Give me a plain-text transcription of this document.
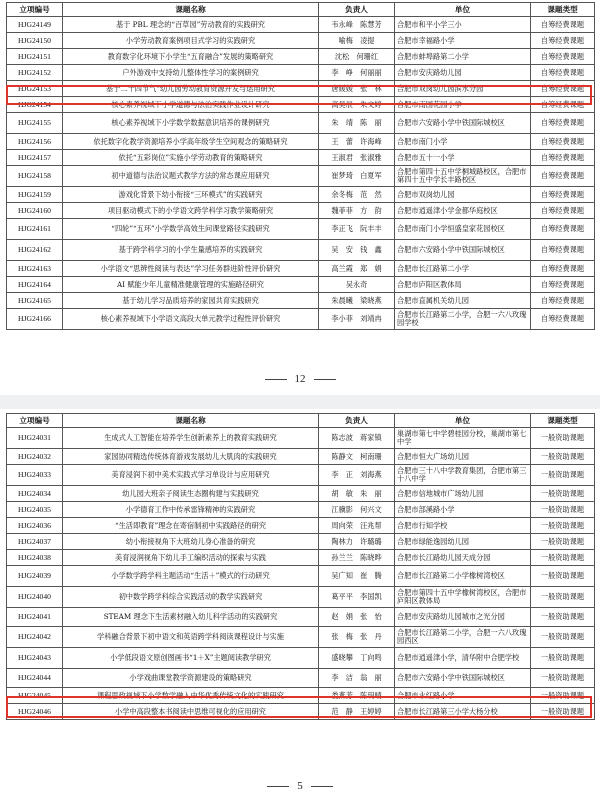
立项编号	课题名称	负责人	单位	课题类型
HJG24149	基于 PBL 理念的“百草园”劳动教育的实践研究	韦永峰　陈慧芳	合肥市和平小学三小	自筹经费课题
HJG24150	小学劳动教育案例项目式学习的实践研究	喻梅　凌提	合肥市幸福路小学	自筹经费课题
HJG24151	教育数字化环境下小学生“五育融合”发展的策略研究	沈松　何珊红	合肥市蚌埠路第二小学	自筹经费课题
HJG24152	户外游戏中支持幼儿整体性学习的案例研究	李　峥　何丽丽	合肥市安庆路幼儿园	自筹经费课题
HJG24153	基于二十四节气“幼儿园劳动教育资源开发与运用研究	唐媛媛　张　林	合肥市双岗幼儿园滨水分园	自筹经费课题
HJG24154	核心素养视域下小学道德与法治实践作业设计研究	高昊辰　朱文婷	合肥市南国花园小学	自筹经费课题
HJG24155	核心素养视域下小学数学数据意识培养的课例研究	朱　靖　陈　丽	合肥市六安路小学中铁国际城校区	自筹经费课题
HJG24156	依托数字化教学资源培养小学高年级学生空间观念的策略研究	王　蕾　许海峰	合肥市南门小学	自筹经费课题
HJG24157	依托“五彩岗位”实施小学劳动教育的策略研究	王淑君　张淑雅	合肥市五十一小学	自筹经费课题
HJG24158	初中道德与法治议题式教学方法的常态课应用研究	崔梦琦　白夏军	合肥市第四十五中学桐城路校区，合肥市第四十五中学长丰路校区	自筹经费课题
HJG24159	游戏化背景下幼小衔接“三环模式”的实践研究	余冬梅　范　然	合肥市双岗幼儿园	自筹经费课题
HJG24160	项目驱动模式下的小学语文跨学科学习教学策略研究	魏菲菲　方　韵	合肥市逍遥津小学金都华庭校区	自筹经费课题
HJG24161	“四轮”“五环”小学数学高效生问课堂路径实践研究	李正飞　阮丰丰	合肥市南门小学恒盛皇家花园校区	自筹经费课题
HJG24162	基于跨学科学习的小学生量感培养的实践研究	吴　安　钱　鑫	合肥市六安路小学中铁国际城校区	自筹经费课题
HJG24163	小学语文“思辨性阅读与表达”学习任务群进阶性评价研究	高兰霞　郑　娟	合肥市长江路第二小学	自筹经费课题
HJG24164	AI 赋能少年儿童精准健康管理的实施路径研究	吴永奇	合肥市庐阳区教体局	自筹经费课题
HJG24165	基于幼儿学习品质培养的家园共育实践研究	朱晨曦　梁晓燕	合肥市直属机关幼儿园	自筹经费课题
HJG24166	核心素养视域下小学语文高段大单元教学过程性评价研究	李小菲　刘靖冉	合肥市长江路第二小学，合肥一六八玫瑰园学校	自筹经费课题
12
立项编号	课题名称	负责人	单位	课题类型
HJG24031	生成式人工智能在培养学生创新素养上的教育实践研究	陈志波　蒋家镇	巢湖市第七中学碧桂园分校，巢湖市第七中学	一般资助课题
HJG24032	家园协同精选传统体育游戏发展幼儿大肌肉的实践研究	陈静文　柯南珊	合肥市恒大广场幼儿园	一般资助课题
HJG24033	美育浸润下初中美术实践式学习单设计与应用研究	李　正　刘海燕	合肥市三十八中学教育集团，合肥市第三十八中学	一般资助课题
HJG24034	幼儿园大班亲子阅读生态圈构建与实践研究	胡　敏　朱　丽	合肥市信地城市广场幼儿园	一般资助课题
HJG24035	小学德育工作中传承雷锋精神的实践研究	江骥影　何兴文	合肥市部溪路小学	一般资助课题
HJG24036	“生活即教育”理念在寄宿制初中实践路径的研究	周向荣　汪兆帮	合肥市行知学校	一般资助课题
HJG24037	幼小衔接视角下大班幼儿身心准备的研究	陶林力　许璐璐	合肥市绿能逸园幼儿园	一般资助课题
HJG24038	美育浸润视角下幼儿手工编织活动的探索与实践	孙兰兰　陈晓晔	合肥市长江路幼儿园天成分园	一般资助课题
HJG24039	小学数学跨学科主题活动“生活＋”模式的行动研究	吴广知　崔　腾	合肥市长江路第二小学橡树湾校区	一般资助课题
HJG24040	初中数学跨学科综合实践活动的教学实践研究	葛平平　李国凯	合肥市第四十五中学橡树湾校区，合肥市庐阳区教体局	一般资助课题
HJG24041	STEAM 理念下生活素材融入幼儿科学活动的实践研究	赵　娟　张　怡	合肥市安庆路幼儿园城市之光分园	一般资助课题
HJG24042	学科融合背景下初中语文和英语跨学科阅读课程设计与实施	张　梅　张　丹	合肥市长江路第二小学，合肥一六八玫瑰园西区	一般资助课题
HJG24043	小学低段语文原创图画书“1＋X”主题阅读教学研究	盛晓攀　丁向鸣	合肥市逍遥津小学，清华附中合肥学校	一般资助课题
HJG24044	小学戏曲课堂教学资源建设的策略研究	李　洁　翁　丽	合肥市六安路小学中铁国际城校区	一般资助课题
HJG24045	课程思政视域下小学数学融入中华优秀传统文化的实践研究	娄燕芳　陈玥晴	合肥市永红路小学	一般资助课题
HJG24046	小学中高段整本书阅读中思维可视化的应用研究	范　静　王婷婷	合肥市长江路第三小学大杨分校	一般资助课题
5
